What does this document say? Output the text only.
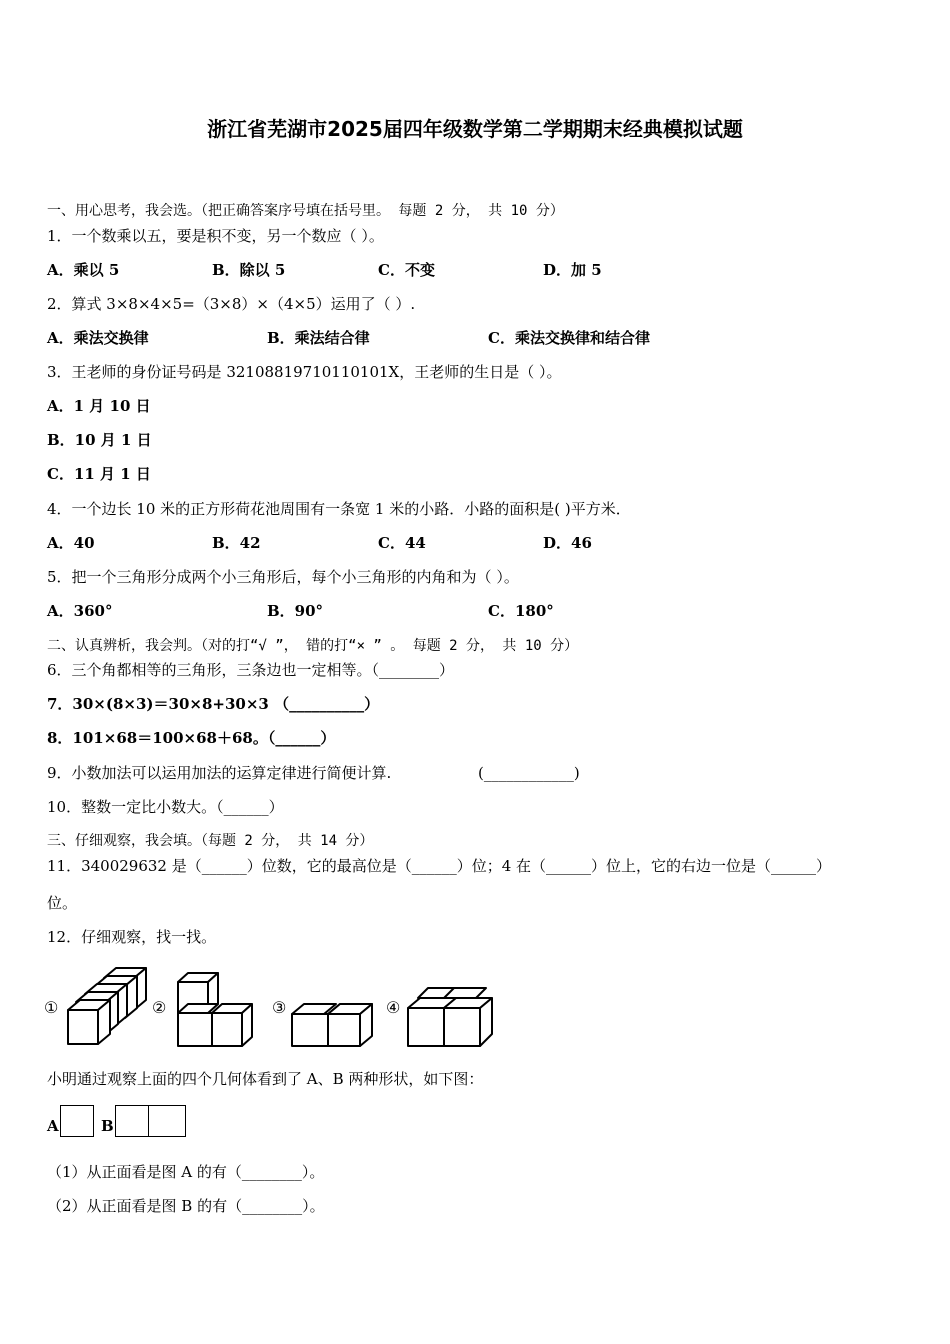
浙江省芜湖市2025届四年级数学第二学期期末经典模拟试题
一、用心思考，我会选。（把正确答案序号填在括号里。 每题 2 分， 共 10 分）
1．一个数乘以五，要是积不变，另一个数应（ ）。
A．乘以 5	B．除以 5	C．不变	D．加 5
2．算式 3×8×4×5=（3×8）×（4×5）运用了（ ）.
A．乘法交换律	B．乘法结合律	C．乘法交换律和结合律
3．王老师的身份证号码是 32108819710110101X，王老师的生日是（ ）。
A．1 月 10 日
B．10 月 1 日
C．11 月 1 日
4．一个边长 10 米的正方形荷花池周围有一条宽 1 米的小路．小路的面积是( )平方米．
A．40	B．42	C．44	D．46
5．把一个三角形分成两个小三角形后，每个小三角形的内角和为（ ）。
A．360°	B．90°	C．180°
二、认真辨析，我会判。（对的打“√ ”， 错的打“× ” 。 每题 2 分， 共 10 分）
6．三个角都相等的三角形，三条边也一定相等。（________）
7．30×(8×3)＝30×8+30×3 （__________）
8．101×68＝100×68＋68。（______）
9．小数加法可以运用加法的运算定律进行简便计算.	(____________)
10．整数一定比小数大。（______）
三、仔细观察，我会填。（每题 2 分， 共 14 分）
11．340029632 是（______）位数，它的最高位是（______）位；4 在（______）位上，它的右边一位是（______）
位。
12．仔细观察，找一找。
①	②	③	④
小明通过观察上面的四个几何体看到了 A、B 两种形状，如下图：
A	B
（1）从正面看是图 A 的有（________）。
（2）从正面看是图 B 的有（________）。
